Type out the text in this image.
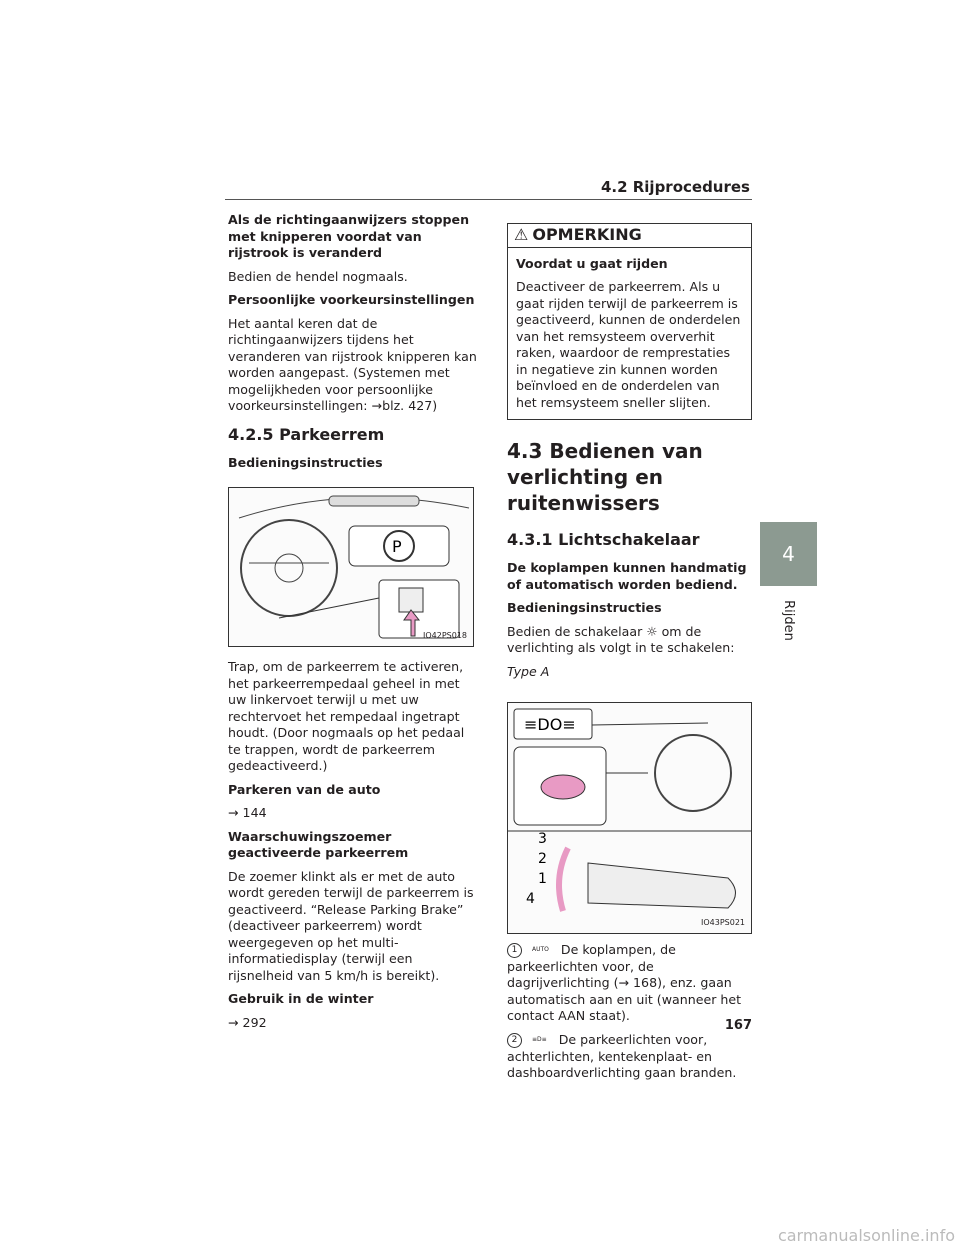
4.2 Rijprocedures

Als de richtingaanwijzers stoppen met knipperen voordat van rijstrook is veranderd

Bedien de hendel nogmaals.

Persoonlijke voorkeursinstellingen

Het aantal keren dat de richtingaanwijzers tijdens het veranderen van rijstrook knipperen kan worden aangepast. (Systemen met mogelijkheden voor persoonlijke voorkeursinstellingen: →blz. 427)

4.2.5 Parkeerrem

Bedieningsinstructies

P
IO42PS018

Trap, om de parkeerrem te activeren, het parkeerrempedaal geheel in met uw linkervoet terwijl u met uw rechtervoet het rempedaal ingetrapt houdt. (Door nogmaals op het pedaal te trappen, wordt de parkeerrem gedeactiveerd.)

Parkeren van de auto

→ 144

Waarschuwingszoemer geactiveerde parkeerrem

De zoemer klinkt als er met de auto wordt gereden terwijl de parkeerrem is geactiveerd. “Release Parking Brake” (deactiveer parkeerrem) wordt weergegeven op het multi-informatiedisplay (terwijl een rijsnelheid van 5 km/h is bereikt).

Gebruik in de winter

→ 292

⚠ OPMERKING

Voordat u gaat rijden

Deactiveer de parkeerrem. Als u gaat rijden terwijl de parkeerrem is geactiveerd, kunnen de onderdelen van het remsysteem oververhit raken, waardoor de remprestaties in negatieve zin kunnen worden beïnvloed en de onderdelen van het remsysteem sneller slijten.

4.3 Bedienen van verlichting en ruitenwissers

4.3.1 Lichtschakelaar

De koplampen kunnen handmatig of automatisch worden bediend.

Bedieningsinstructies

Bedien de schakelaar ☼ om de verlichting als volgt in te schakelen:

Type A

≡DO≡
3
2
1
4
IO43PS021

1 AUTO De koplampen, de parkeerlichten voor, de dagrijverlichting (→ 168), enz. gaan automatisch aan en uit (wanneer het contact AAN staat).

2 ≡D≡ De parkeerlichten voor, achterlichten, kentekenplaat- en dashboardverlichting gaan branden.

4
Rijden
167
carmanualsonline.info
